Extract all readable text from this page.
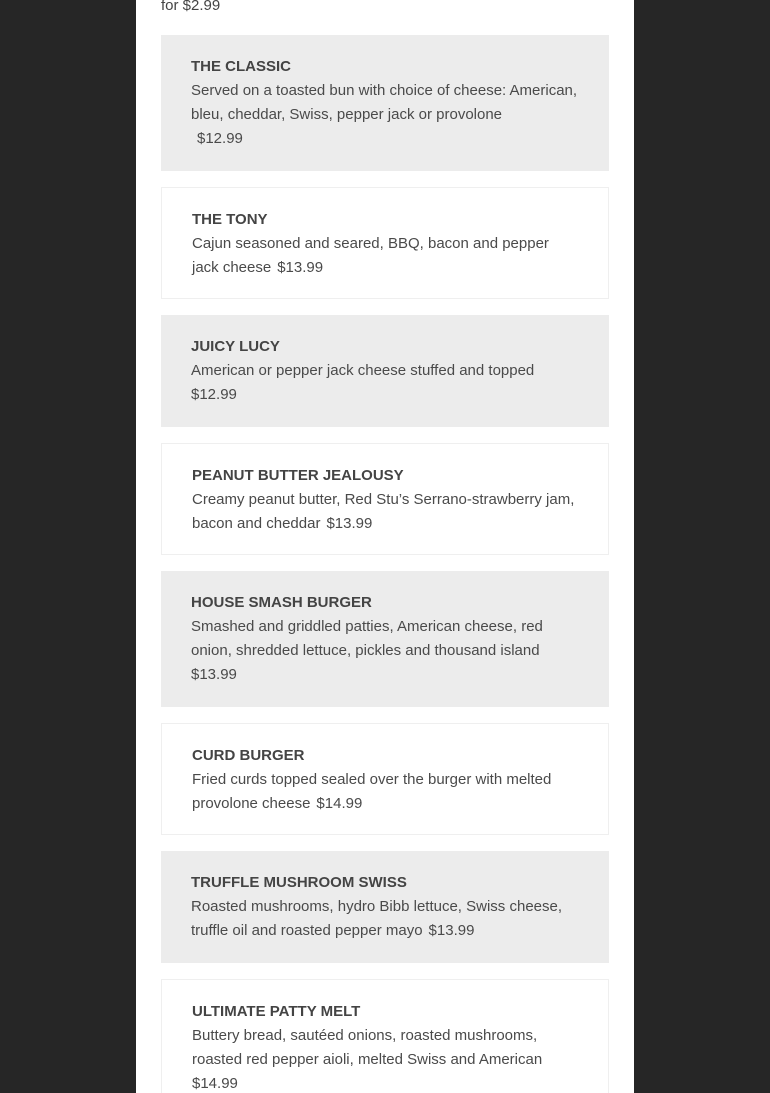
for $2.99

THE CLASSIC

Served on a toasted bun with choice of cheese: American, bleu, cheddar, Swiss, pepper jack or provolone
$12.99

THE TONY

Cajun seasoned and seared, BBQ, bacon and pepper jack cheese $13.99

JUICY LUCY

American or pepper jack cheese stuffed and topped
$12.99

PEANUT BUTTER JEALOUSY

Creamy peanut butter, Red Stu’s Serrano-strawberry jam, bacon and cheddar $13.99

HOUSE SMASH BURGER

Smashed and griddled patties, American cheese, red onion, shredded lettuce, pickles and thousand island
$13.99

CURD BURGER

Fried curds topped sealed over the burger with melted provolone cheese $14.99

TRUFFLE MUSHROOM SWISS

Roasted mushrooms, hydro Bibb lettuce, Swiss cheese, truffle oil and roasted pepper mayo $13.99

ULTIMATE PATTY MELT

Buttery bread, sautéed onions, roasted mushrooms, roasted red pepper aioli, melted Swiss and American
$14.99
